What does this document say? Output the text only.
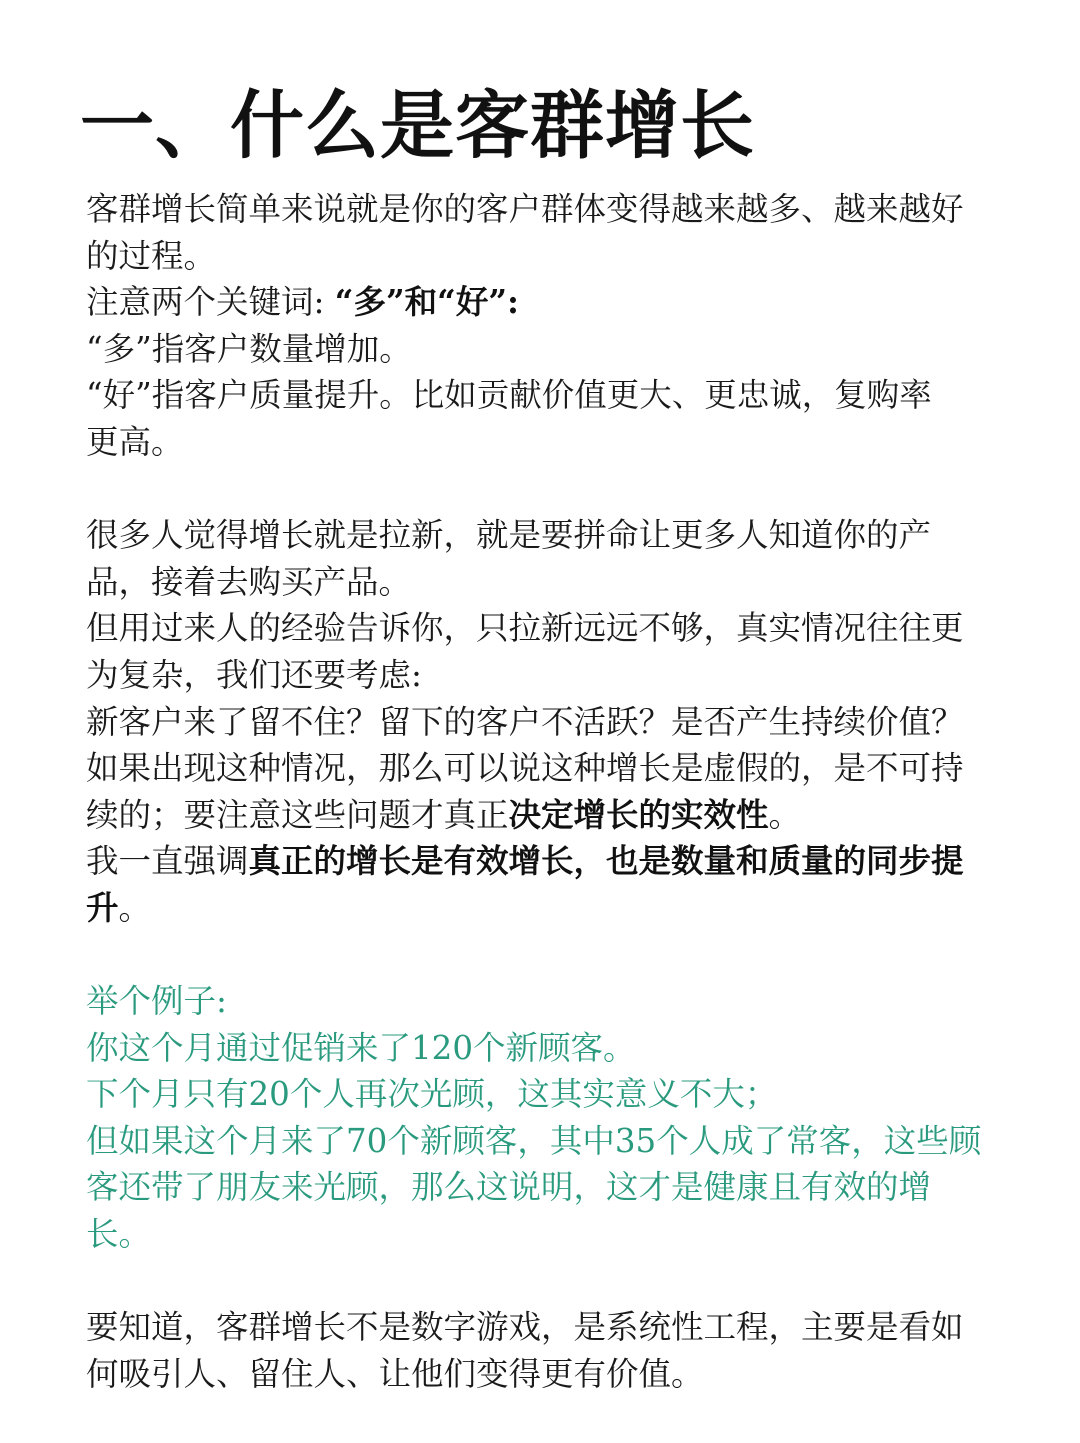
一、什么是客群增长
客群增长简单来说就是你的客户群体变得越来越多、越来越好
的过程。
注意两个关键词: “多”和“好”:
“多”指客户数量增加。
“好”指客户质量提升。比如贡献价值更大、更忠诚，复购率
更高。
很多人觉得增长就是拉新，就是要拼命让更多人知道你的产
品，接着去购买产品。
但用过来人的经验告诉你，只拉新远远不够，真实情况往往更
为复杂，我们还要考虑:
新客户来了留不住？留下的客户不活跃？是否产生持续价值？
如果出现这种情况，那么可以说这种增长是虚假的，是不可持
续的；要注意这些问题才真正决定增长的实效性。
我一直强调真正的增长是有效增长，也是数量和质量的同步提
升。
举个例子:
你这个月通过促销来了120个新顾客。
下个月只有20个人再次光顾，这其实意义不大；
但如果这个月来了70个新顾客，其中35个人成了常客，这些顾
客还带了朋友来光顾，那么这说明，这才是健康且有效的增
长。
要知道，客群增长不是数字游戏，是系统性工程，主要是看如
何吸引人、留住人、让他们变得更有价值。
